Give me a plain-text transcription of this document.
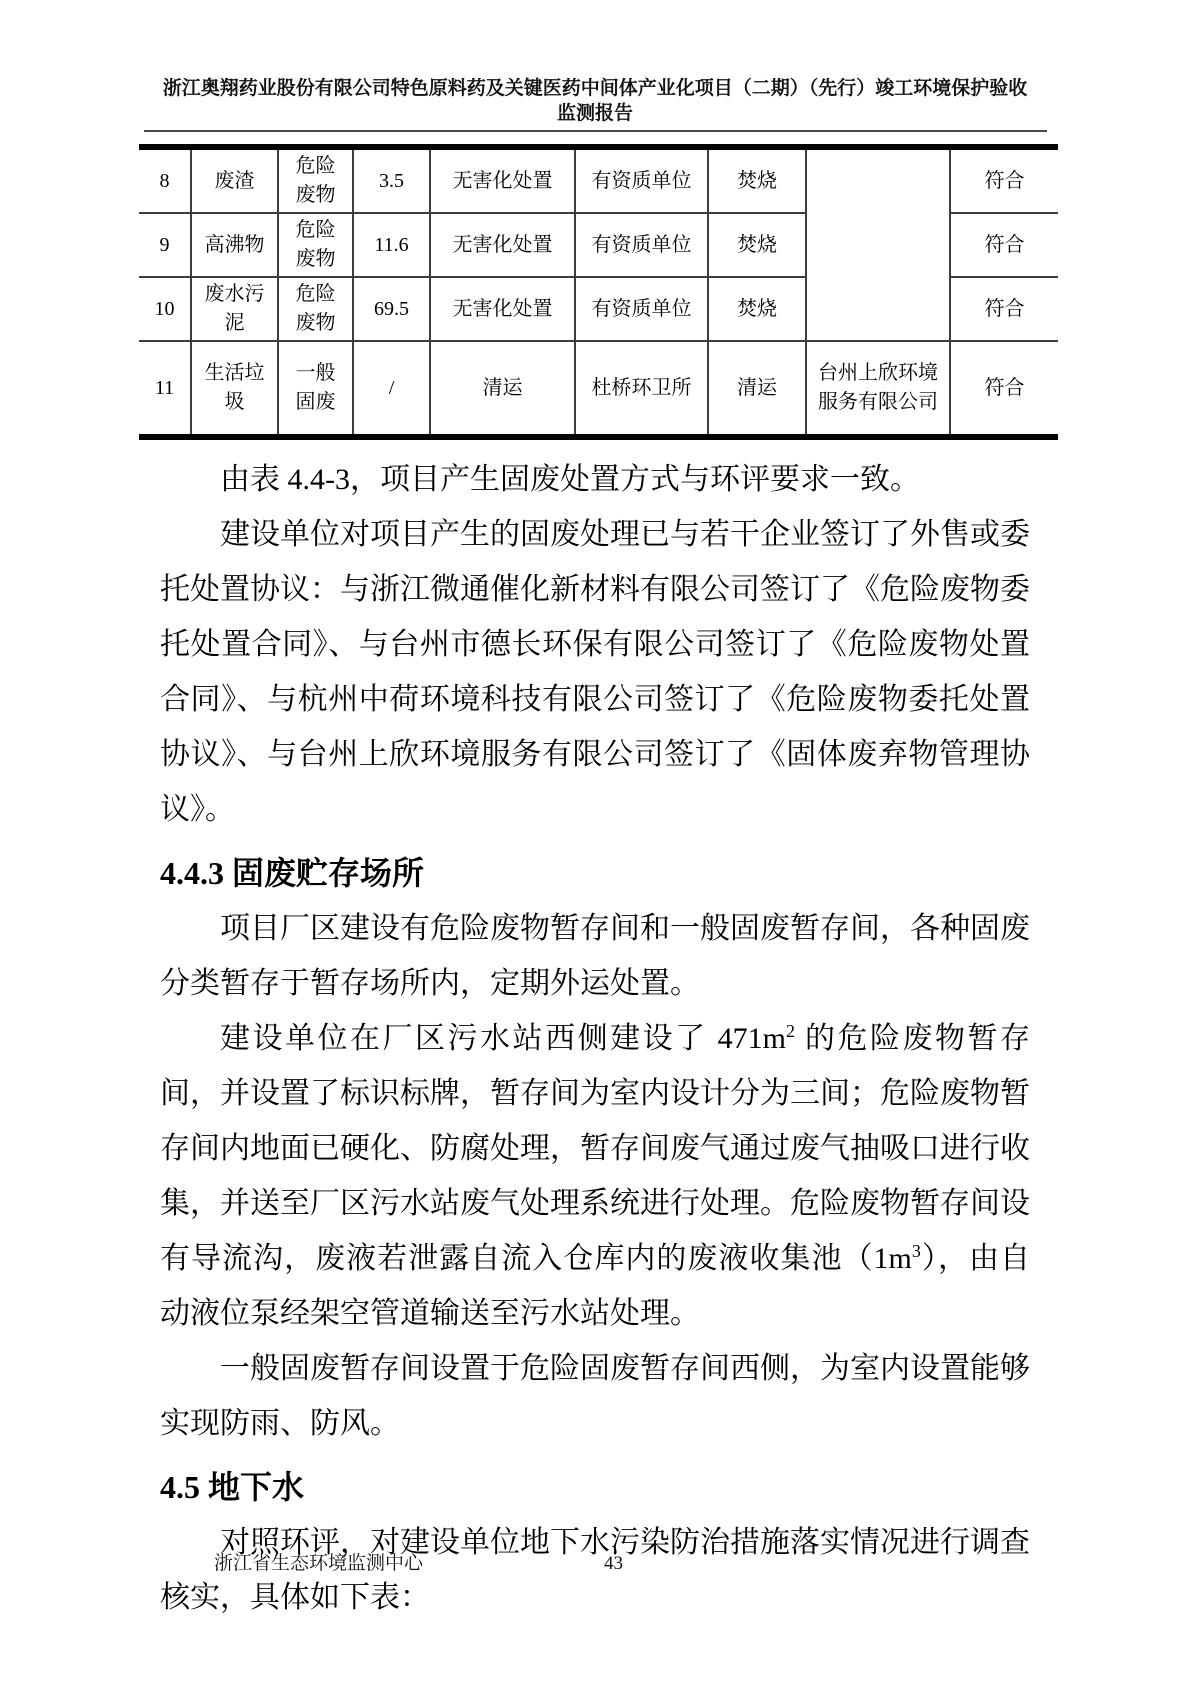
浙江奥翔药业股份有限公司特色原料药及关键医药中间体产业化项目（二期）（先行）竣工环境保护验收
监测报告
8	废渣	危险废物	3.5	无害化处置	有资质单位	焚烧		符合
9	高沸物	危险废物	11.6	无害化处置	有资质单位	焚烧		符合
10	废水污泥	危险废物	69.5	无害化处置	有资质单位	焚烧		符合
11	生活垃圾	一般固废	/	清运	杜桥环卫所	清运	台州上欣环境服务有限公司	符合

由表 4.4-3，项目产生固废处置方式与环评要求一致。

建设单位对项目产生的固废处理已与若干企业签订了外售或委托处置协议：与浙江微通催化新材料有限公司签订了《危险废物委托处置合同》、与台州市德长环保有限公司签订了《危险废物处置合同》、与杭州中荷环境科技有限公司签订了《危险废物委托处置协议》、与台州上欣环境服务有限公司签订了《固体废弃物管理协议》。

4.4.3 固废贮存场所

项目厂区建设有危险废物暂存间和一般固废暂存间，各种固废分类暂存于暂存场所内，定期外运处置。

建设单位在厂区污水站西侧建设了 $471m^2$ 的危险废物暂存间，并设置了标识标牌，暂存间为室内设计分为三间；危险废物暂存间内地面已硬化、防腐处理，暂存间废气通过废气抽吸口进行收集，并送至厂区污水站废气处理系统进行处理。危险废物暂存间设有导流沟，废液若泄露自流入仓库内的废液收集池$(1m^3)$，由自动液位泵经架空管道输送至污水站处理。

一般固废暂存间设置于危险固废暂存间西侧，为室内设置能够实现防雨、防风。

4.5 地下水

对照环评，对建设单位地下水污染防治措施落实情况进行调查核实，具体如下表：

浙江省生态环境监测中心	43
